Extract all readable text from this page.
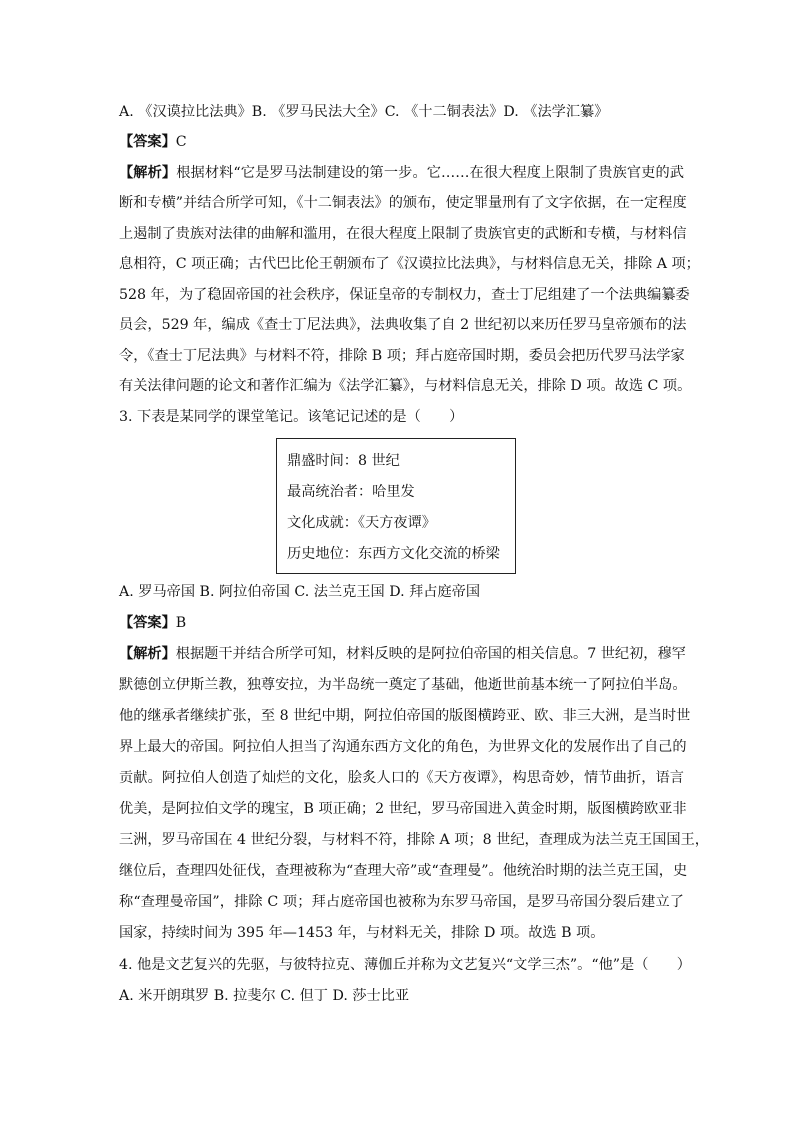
A. 《汉谟拉比法典》B. 《罗马民法大全》C. 《十二铜表法》D. 《法学汇纂》
【答案】C
【解析】根据材料“它是罗马法制建设的第一步。它……在很大程度上限制了贵族官吏的武
断和专横”并结合所学可知，《十二铜表法》的颁布，使定罪量刑有了文字依据，在一定程度
上遏制了贵族对法律的曲解和滥用，在很大程度上限制了贵族官吏的武断和专横，与材料信
息相符，C 项正确；古代巴比伦王朝颁布了《汉谟拉比法典》，与材料信息无关，排除 A 项；
528 年，为了稳固帝国的社会秩序，保证皇帝的专制权力，查士丁尼组建了一个法典编纂委
员会，529 年，编成《查士丁尼法典》，法典收集了自 2 世纪初以来历任罗马皇帝颁布的法
令，《查士丁尼法典》与材料不符，排除 B 项；拜占庭帝国时期，委员会把历代罗马法学家
有关法律问题的论文和著作汇编为《法学汇纂》，与材料信息无关，排除 D 项。故选 C 项。
3. 下表是某同学的课堂笔记。该笔记记述的是（　　）
鼎盛时间：8 世纪
最高统治者：哈里发
文化成就：《天方夜谭》
历史地位：东西方文化交流的桥梁
A. 罗马帝国 B. 阿拉伯帝国 C. 法兰克王国 D. 拜占庭帝国
【答案】B
【解析】根据题干并结合所学可知，材料反映的是阿拉伯帝国的相关信息。7 世纪初，穆罕
默德创立伊斯兰教，独尊安拉，为半岛统一奠定了基础，他逝世前基本统一了阿拉伯半岛。
他的继承者继续扩张，至 8 世纪中期，阿拉伯帝国的版图横跨亚、欧、非三大洲，是当时世
界上最大的帝国。阿拉伯人担当了沟通东西方文化的角色，为世界文化的发展作出了自己的
贡献。阿拉伯人创造了灿烂的文化，脍炙人口的《天方夜谭》，构思奇妙，情节曲折，语言
优美，是阿拉伯文学的瑰宝，B 项正确；2 世纪，罗马帝国进入黄金时期，版图横跨欧亚非
三洲，罗马帝国在 4 世纪分裂，与材料不符，排除 A 项；8 世纪，查理成为法兰克王国国王，
继位后，查理四处征伐，查理被称为“查理大帝”或“查理曼”。他统治时期的法兰克王国，史
称“查理曼帝国”，排除 C 项；拜占庭帝国也被称为东罗马帝国，是罗马帝国分裂后建立了
国家，持续时间为 395 年—1453 年，与材料无关，排除 D 项。故选 B 项。
4. 他是文艺复兴的先驱，与彼特拉克、薄伽丘并称为文艺复兴“文学三杰”。“他”是（　　）
A. 米开朗琪罗 B. 拉斐尔 C. 但丁 D. 莎士比亚
